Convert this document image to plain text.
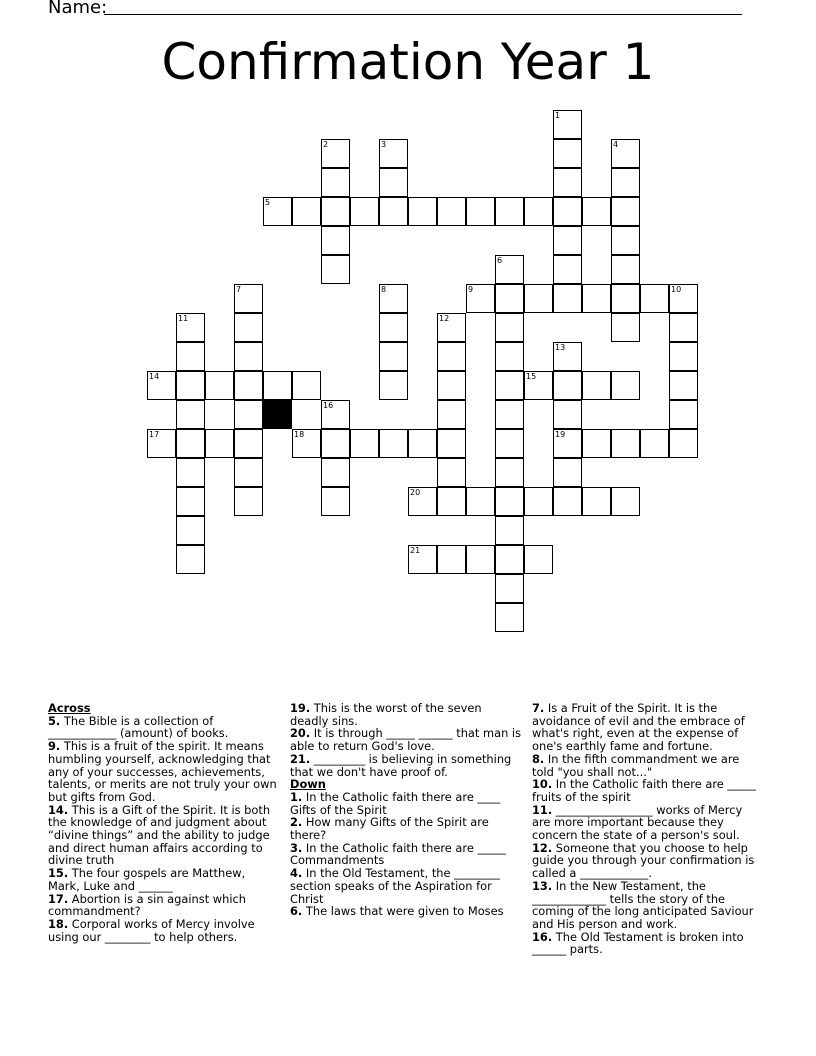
Name:
Confirmation Year 1
1
2	3	4
5
6
7	8	9	10
11	12
13
19
14	15
16
17	18
20
21
Across
5. The Bible is a collection of ____________ (amount) of books.
9. This is a fruit of the spirit. It means humbling yourself, acknowledging that any of your successes, achievements, talents, or merits are not truly your own but gifts from God.
14. This is a Gift of the Spirit. It is both the knowledge of and judgment about “divine things” and the ability to judge and direct human affairs according to divine truth
15. The four gospels are Matthew, Mark, Luke and ______
17. Abortion is a sin against which commandment?
18. Corporal works of Mercy involve using our ________ to help others.
19. This is the worst of the seven deadly sins.
20. It is through _____ ______ that man is able to return God's love.
21. _________ is believing in something that we don't have proof of.
Down
1. In the Catholic faith there are ____ Gifts of the Spirit
2. How many Gifts of the Spirit are there?
3. In the Catholic faith there are _____ Commandments
4. In the Old Testament, the ________ section speaks of the Aspiration for Christ
6. The laws that were given to Moses
7. Is a Fruit of the Spirit. It is the avoidance of evil and the embrace of what's right, even at the expense of one's earthly fame and fortune.
8. In the fifth commandment we are told "you shall not..."
10. In the Catholic faith there are _____ fruits of the spirit
11. _________________ works of Mercy are more important because they concern the state of a person's soul.
12. Someone that you choose to help guide you through your confirmation is called a ____________.
13. In the New Testament, the _____________ tells the story of the coming of the long anticipated Saviour and His person and work.
16. The Old Testament is broken into ______ parts.
